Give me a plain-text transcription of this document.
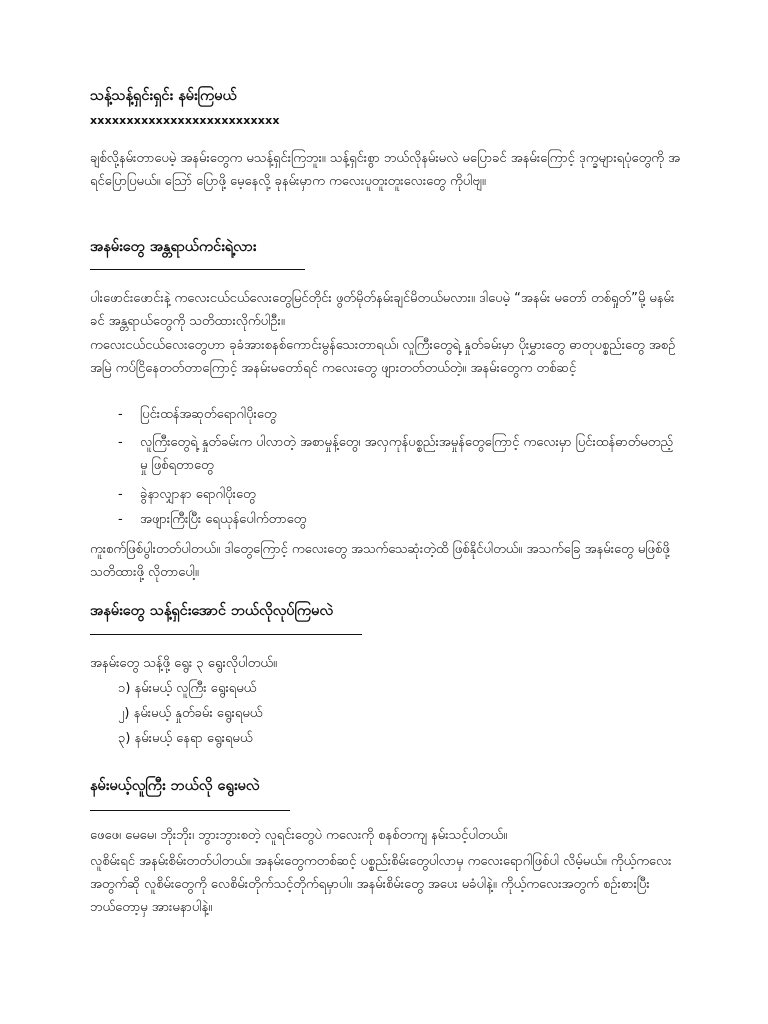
သန့်သန့်ရှင်းရှင်း နမ်းကြမယ်
xxxxxxxxxxxxxxxxxxxxxxxxxx
ချစ်လို့နမ်းတာပေမဲ့ အနမ်းတွေက မသန့်ရှင်းကြဘူး။ သန့်ရှင်းစွာ ဘယ်လိုနမ်းမလဲ မပြောခင် အနမ်းကြောင့် ဒုက္ခများရပုံတွေကို အရင်ပြောပြမယ်။ သြော် ပြောဖို့ မေ့နေလို့ ခုနမ်းမှာက ကလေးပူတူးတူးလေးတွေ ကိုပါဗျ။
အနမ်းတွေ အန္တရာယ်ကင်းရဲ့လား
ပါးဖောင်းဖောင်းနဲ့ ကလေးငယ်ငယ်လေးတွေမြင်တိုင်း ဖွတ်မိုတ်နမ်းချင်မိတယ်မလား။ ဒါပေမဲ့ “အနမ်း မတော် တစ်ရှုတ်”မို့ မနမ်းခင် အန္တရာယ်တွေကို သတိထားလိုက်ပါဦး။
ကလေးငယ်ငယ်လေးတွေဟာ ခုခံအားစနစ်ကောင်းမွန်သေးတာရယ်၊ လူကြီးတွေရဲ့ နှုတ်ခမ်းမှာ ပိုးမွှားတွေ ဓာတုပစ္စည်းတွေ အစဉ်အမြဲ ကပ်ငြိနေတတ်တာကြောင့် အနမ်းမတော်ရင် ကလေးတွေ ဖျားတတ်တယ်တဲ့။ အနမ်းတွေက တစ်ဆင့်
- ပြင်းထန်အဆုတ်ရောဂါပိုးတွေ
- လူကြီးတွေရဲ့ နှုတ်ခမ်းက ပါလာတဲ့ အစာမှုန့်တွေ၊ အလှကုန်ပစ္စည်းအမှုန်တွေကြောင့် ကလေးမှာ ပြင်းထန်ဓာတ်မတည့်မှု ဖြစ်ရတာတွေ
- ခွဲနာလျှာနာ ရောဂါပိုးတွေ
- အဖျားကြီးပြီး ရေယုန်ပေါက်တာတွေ
ကူးစက်ဖြစ်ပွါးတတ်ပါတယ်။ ဒါတွေကြောင့် ကလေးတွေ အသက်သေဆုံးတဲ့ထိ ဖြစ်နိုင်ပါတယ်။ အသက်ခြေ အနမ်းတွေ မဖြစ်ဖို့ သတိထားဖို့ လိုတာပေါ့။
အနမ်းတွေ သန့်ရှင်းအောင် ဘယ်လိုလုပ်ကြမလဲ
အနမ်းတွေ သန့်ဖို့ ရွေး ၃ ရွေးလိုပါတယ်။
၁) နမ်းမယ့် လူကြီး ရွေးရမယ်
၂) နမ်းမယ့် နှုတ်ခမ်း ရွေးရမယ်
၃) နမ်းမယ့် နေရာ ရွေးရမယ်
နမ်းမယ့်လူကြီး ဘယ်လို ရွေးမလဲ
ဖေဖေ၊ မေမေ၊ ဘိုးဘိုး၊ ဘွားဘွားစတဲ့ လူရင်းတွေပဲ ကလေးကို စနစ်တကျ နမ်းသင့်ပါတယ်။
လူစိမ်းရင် အနမ်းစိမ်းတတ်ပါတယ်။ အနမ်းတွေကတစ်ဆင့် ပစ္စည်းစိမ်းတွေပါလာမှ ကလေးရောဂါဖြစ်ပါ လိမ့်မယ်။ ကိုယ့်ကလေးအတွက်ဆို လူစိမ်းတွေကို လေစိမ်းတိုက်သင့်တိုက်ရမှာပါ။ အနမ်းစိမ်းတွေ အပေး မခံပါနဲ့။ ကိုယ့်ကလေးအတွက် စဉ်းစားပြီး ဘယ်တော့မှ အားမနာပါနဲ့။
